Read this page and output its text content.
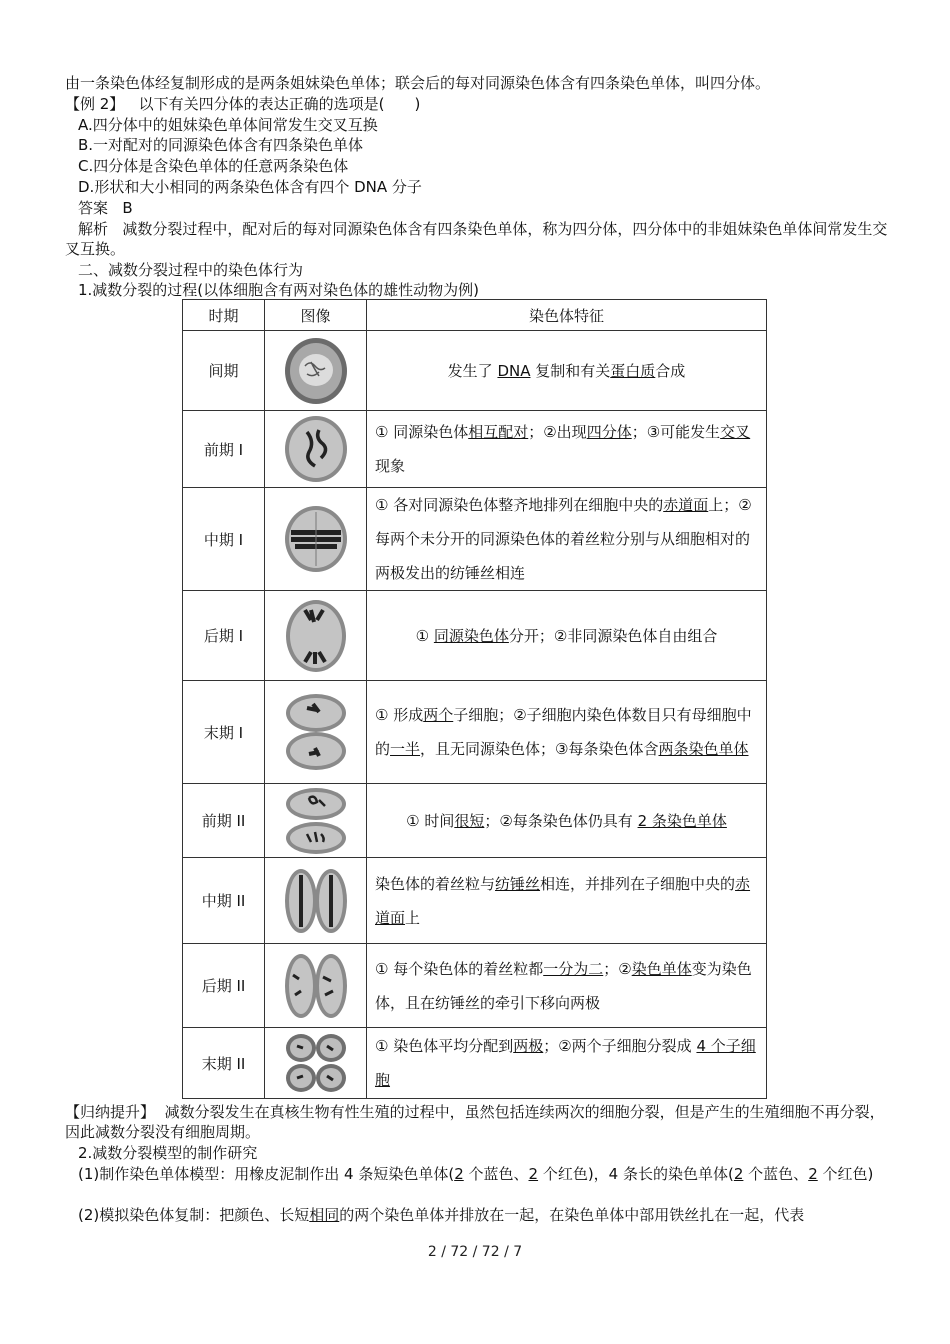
由一条染色体经复制形成的是两条姐妹染色单体；联会后的每对同源染色体含有四条染色单体，叫四分体。
【例 2】 以下有关四分体的表达正确的选项是(　　)
A.四分体中的姐妹染色单体间常发生交叉互换
B.一对配对的同源染色体含有四条染色单体
C.四分体是含染色单体的任意两条染色体
D.形状和大小相同的两条染色体含有四个 DNA 分子
答案 B
解析 减数分裂过程中，配对后的每对同源染色体含有四条染色单体，称为四分体，四分体中的非姐妹染色单体间常发生交叉互换。
二、减数分裂过程中的染色体行为
1.减数分裂的过程(以体细胞含有两对染色体的雄性动物为例)
时期	图像	染色体特征
间期		发生了 DNA 复制和有关蛋白质合成
前期 I		① 同源染色体相互配对；②出现四分体；③可能发生交叉现象
中期 I		① 各对同源染色体整齐地排列在细胞中央的赤道面上；②每两个未分开的同源染色体的着丝粒分别与从细胞相对的两极发出的纺锤丝相连
后期 I		① 同源染色体分开；②非同源染色体自由组合
末期 I		① 形成两个子细胞；②子细胞内染色体数目只有母细胞中的一半，且无同源染色体；③每条染色体含两条染色单体
前期 II		① 时间很短；②每条染色体仍具有 2 条染色单体
中期 II		染色体的着丝粒与纺锤丝相连，并排列在子细胞中央的赤道面上
后期 II		① 每个染色体的着丝粒都一分为二；②染色单体变为染色体，且在纺锤丝的牵引下移向两极
末期 II		① 染色体平均分配到两极；②两个子细胞分裂成 4 个子细胞
【归纳提升】 减数分裂发生在真核生物有性生殖的过程中，虽然包括连续两次的细胞分裂，但是产生的生殖细胞不再分裂，因此减数分裂没有细胞周期。
2.减数分裂模型的制作研究
(1)制作染色单体模型：用橡皮泥制作出 4 条短染色单体(2 个蓝色、2 个红色)，4 条长的染色单体(2 个蓝色、2 个红色)
(2)模拟染色体复制：把颜色、长短相同的两个染色单体并排放在一起，在染色单体中部用铁丝扎在一起，代表
2 / 72 / 72 / 7
